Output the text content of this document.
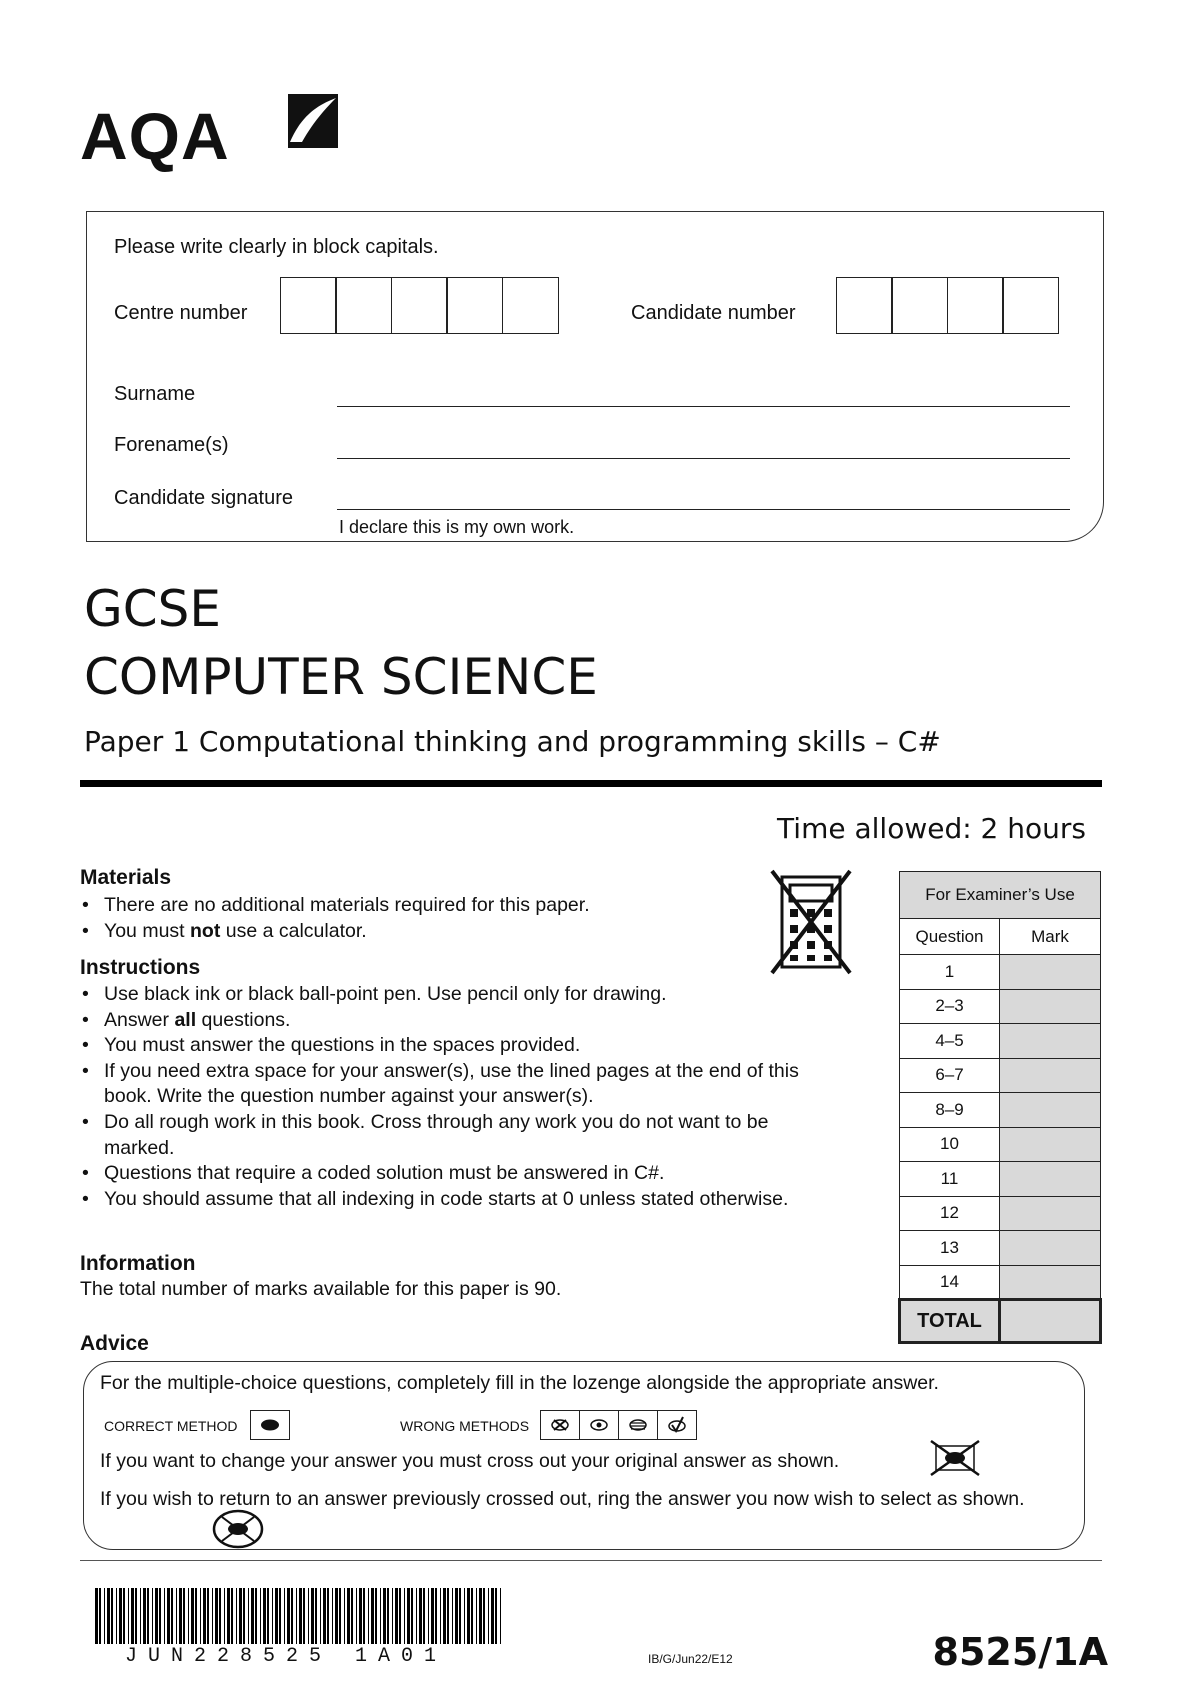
AQA
Please write clearly in block capitals.
Centre number	Candidate number
Surname
Forename(s)
Candidate signature
I declare this is my own work.
GCSE
COMPUTER SCIENCE
Paper 1 Computational thinking and programming skills – C#
Time allowed: 2 hours
Materials
• There are no additional materials required for this paper.
• You must not use a calculator.
Instructions
• Use black ink or black ball-point pen. Use pencil only for drawing.
• Answer all questions.
• You must answer the questions in the spaces provided.
• If you need extra space for your answer(s), use the lined pages at the end of this book. Write the question number against your answer(s).
• Do all rough work in this book. Cross through any work you do not want to be marked.
• Questions that require a coded solution must be answered in C#.
• You should assume that all indexing in code starts at 0 unless stated otherwise.
Information
The total number of marks available for this paper is 90.
Advice
For the multiple-choice questions, completely fill in the lozenge alongside the appropriate answer.
CORRECT METHOD	WRONG METHODS
If you want to change your answer you must cross out your original answer as shown.
If you wish to return to an answer previously crossed out, ring the answer you now wish to select as shown.
For Examiner’s Use	
Question	Mark
1	
2–3	
4–5	
6–7	
8–9	
10	
11	
12	
13	
14	
TOTAL	
JUN228525 1A01	IB/G/Jun22/E12	8525/1A
